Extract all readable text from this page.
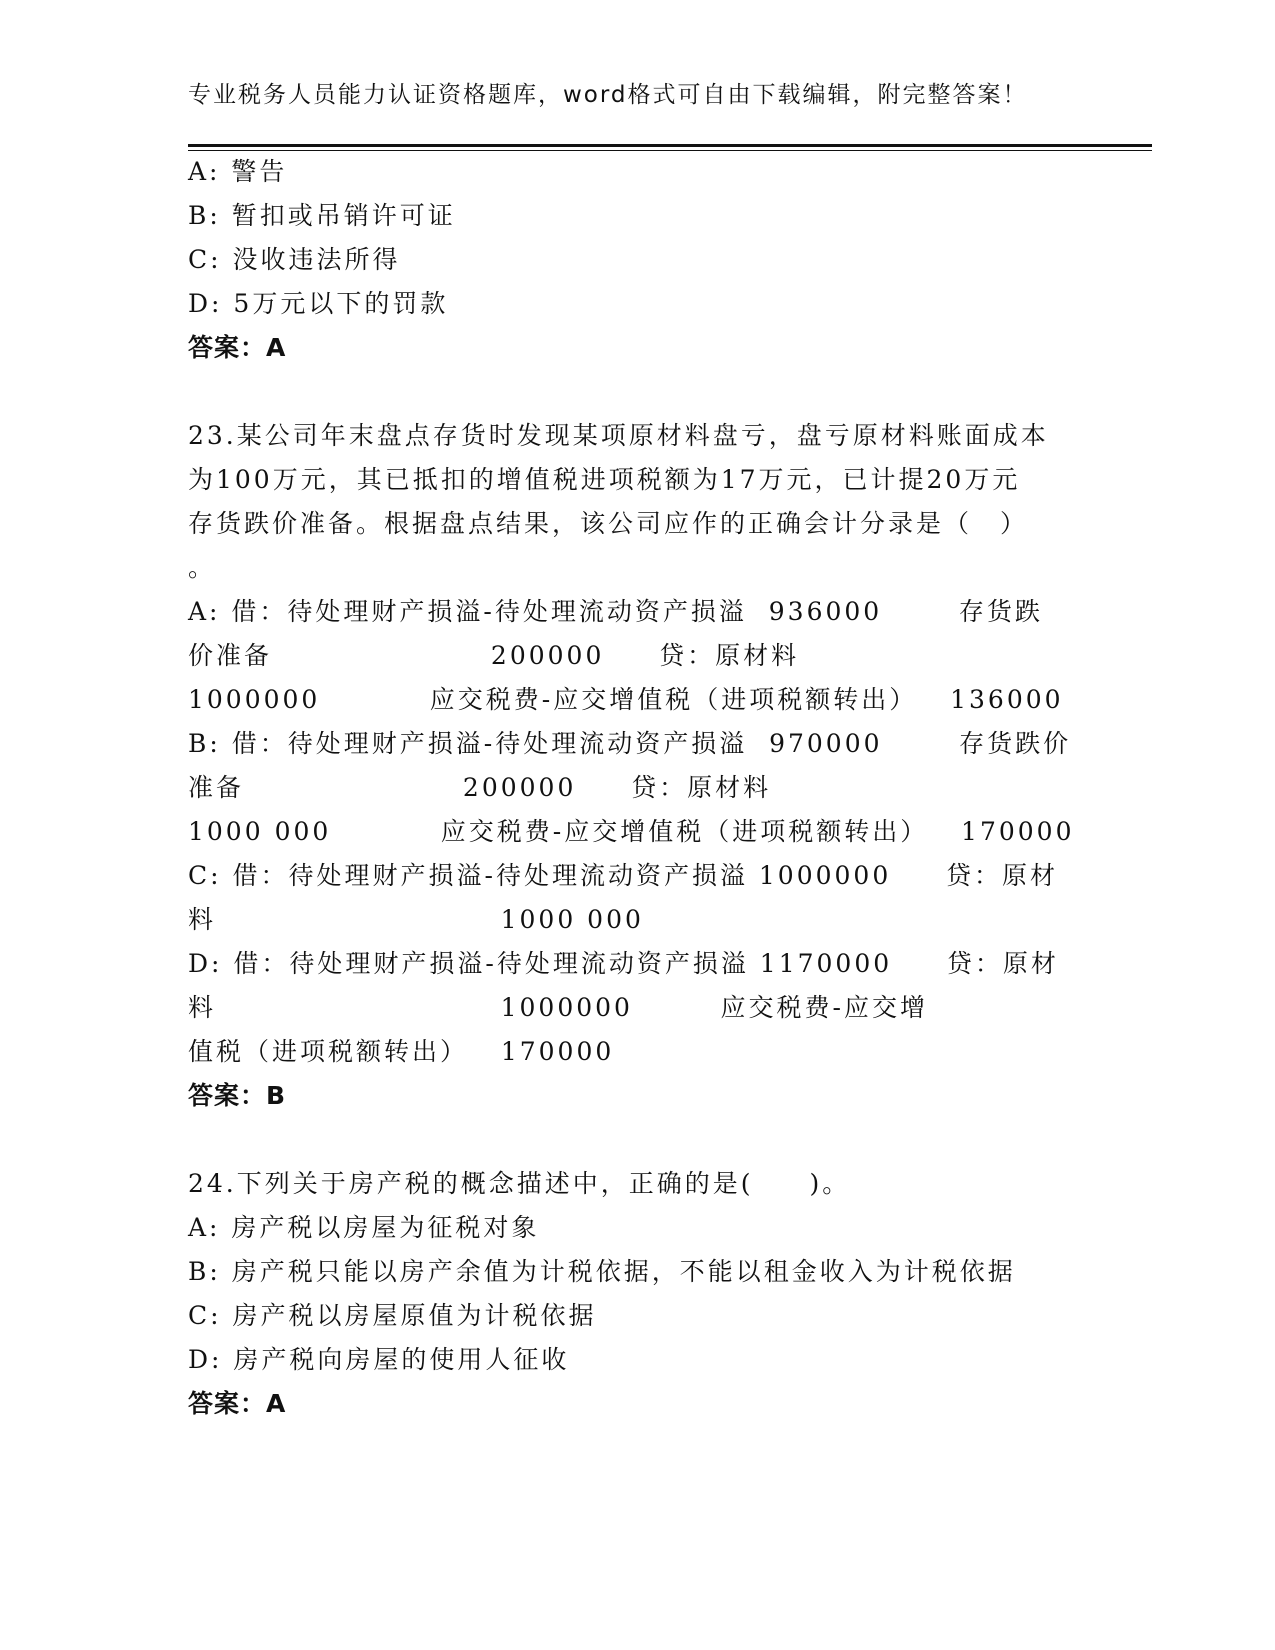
专业税务人员能力认证资格题库，word格式可自由下载编辑，附完整答案！
A: 警告
B: 暂扣或吊销许可证
C: 没收违法所得
D: 5万元以下的罚款
答案：A
23.某公司年末盘点存货时发现某项原材料盘亏，盘亏原材料账面成本
为100万元，其已抵扣的增值税进项税额为17万元，已计提20万元
存货跌价准备。根据盘点结果，该公司应作的正确会计分录是（　）
。
A: 借：待处理财产损溢-待处理流动资产损溢  936000       存货跌
价准备                    200000     贷：原材料
1000000          应交税费-应交增值税（进项税额转出）   136000
B: 借：待处理财产损溢-待处理流动资产损溢  970000       存货跌价
准备                    200000     贷：原材料
1000 000          应交税费-应交增值税（进项税额转出）   170000
C: 借：待处理财产损溢-待处理流动资产损溢 1000000     贷：原材
料                          1000 000
D: 借：待处理财产损溢-待处理流动资产损溢 1170000     贷：原材
料                          1000000        应交税费-应交增
值税（进项税额转出）   170000
答案：B
24.下列关于房产税的概念描述中，正确的是(　　)。
A: 房产税以房屋为征税对象
B: 房产税只能以房产余值为计税依据，不能以租金收入为计税依据
C: 房产税以房屋原值为计税依据
D: 房产税向房屋的使用人征收
答案：A
